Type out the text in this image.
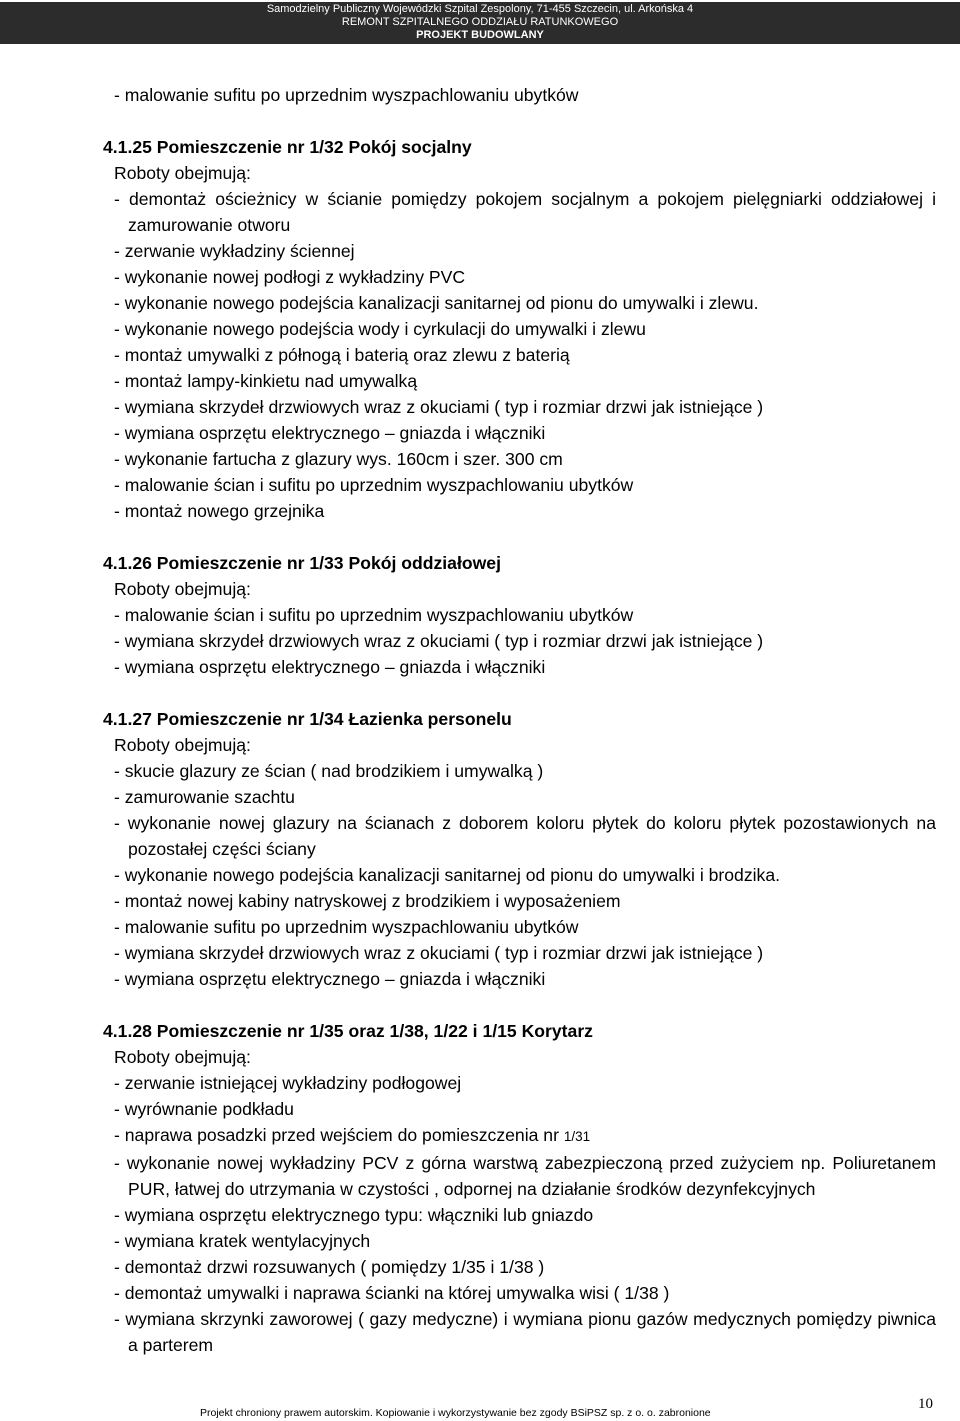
Samodzielny Publiczny Wojewódzki Szpital Zespolony, 71-455 Szczecin, ul. Arkońska 4
REMONT SZPITALNEGO ODDZIAŁU RATUNKOWEGO
PROJEKT BUDOWLANY
- malowanie sufitu po uprzednim wyszpachlowaniu ubytków
4.1.25 Pomieszczenie nr 1/32 Pokój socjalny
Roboty obejmują:
- demontaż ościeżnicy w ścianie pomiędzy pokojem socjalnym a pokojem pielęgniarki oddziałowej i zamurowanie otworu
- zerwanie wykładziny ściennej
- wykonanie nowej podłogi z wykładziny PVC
- wykonanie nowego podejścia kanalizacji sanitarnej od pionu do umywalki i zlewu.
- wykonanie nowego podejścia wody i cyrkulacji do umywalki i zlewu
- montaż umywalki z półnogą i baterią oraz zlewu z baterią
- montaż lampy-kinkietu nad umywalką
- wymiana skrzydeł drzwiowych wraz z okuciami ( typ i rozmiar drzwi jak istniejące )
- wymiana osprzętu elektrycznego – gniazda i włączniki
- wykonanie fartucha z glazury wys. 160cm i szer. 300 cm
- malowanie ścian i sufitu po uprzednim wyszpachlowaniu ubytków
- montaż nowego grzejnika
4.1.26 Pomieszczenie nr 1/33 Pokój oddziałowej
Roboty obejmują:
- malowanie ścian i sufitu po uprzednim wyszpachlowaniu ubytków
- wymiana skrzydeł drzwiowych wraz z okuciami ( typ i rozmiar drzwi jak istniejące )
- wymiana osprzętu elektrycznego – gniazda i włączniki
4.1.27 Pomieszczenie nr 1/34 Łazienka personelu
Roboty obejmują:
- skucie glazury ze ścian ( nad brodzikiem i umywalką )
- zamurowanie szachtu
- wykonanie nowej glazury na ścianach z doborem koloru płytek do koloru płytek pozostawionych na pozostałej części ściany
- wykonanie nowego podejścia kanalizacji sanitarnej od pionu do umywalki i brodzika.
- montaż nowej kabiny natryskowej z brodzikiem i wyposażeniem
- malowanie sufitu po uprzednim wyszpachlowaniu ubytków
- wymiana skrzydeł drzwiowych wraz z okuciami ( typ i rozmiar drzwi jak istniejące )
- wymiana osprzętu elektrycznego – gniazda i włączniki
4.1.28 Pomieszczenie nr 1/35 oraz 1/38, 1/22 i 1/15 Korytarz
Roboty obejmują:
- zerwanie istniejącej wykładziny podłogowej
- wyrównanie podkładu
- naprawa posadzki przed wejściem do pomieszczenia nr 1/31
- wykonanie nowej wykładziny PCV z górna warstwą zabezpieczoną przed zużyciem np. Poliuretanem PUR, łatwej do utrzymania w czystości , odpornej na działanie środków dezynfekcyjnych
- wymiana osprzętu elektrycznego typu: włączniki lub gniazdo
- wymiana kratek wentylacyjnych
- demontaż drzwi rozsuwanych ( pomiędzy 1/35 i 1/38 )
- demontaż umywalki i naprawa ścianki na której umywalka wisi ( 1/38 )
- wymiana skrzynki zaworowej ( gazy medyczne) i wymiana pionu gazów medycznych pomiędzy piwnica a parterem
Projekt chroniony prawem autorskim. Kopiowanie i wykorzystywanie bez zgody BSiPSZ sp. z o. o. zabronione
10
